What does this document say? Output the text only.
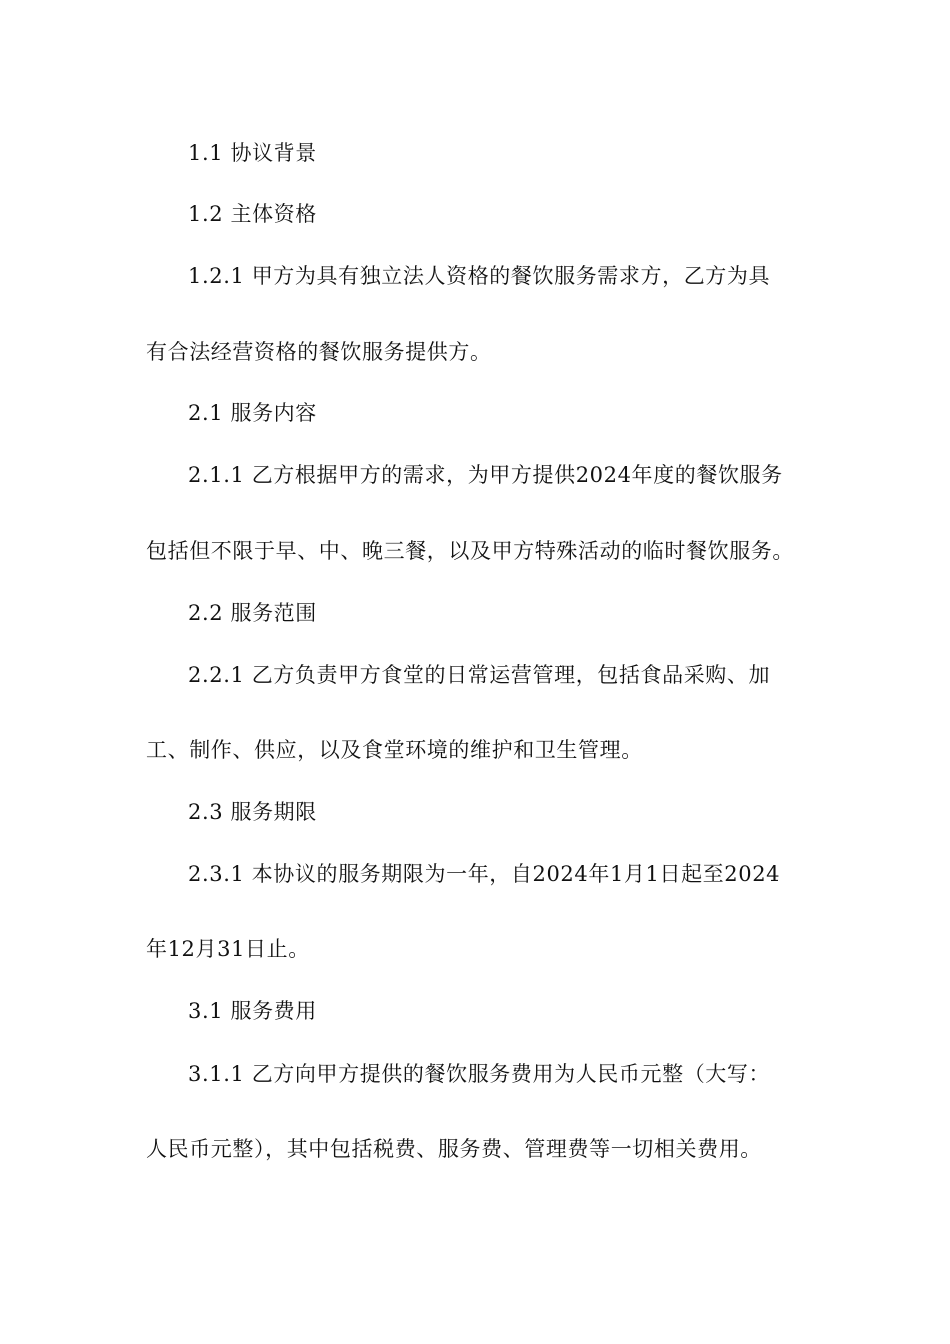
1.1 协议背景
1.2 主体资格
1.2.1 甲方为具有独立法人资格的餐饮服务需求方，乙方为具
有合法经营资格的餐饮服务提供方。
2.1 服务内容
2.1.1 乙方根据甲方的需求，为甲方提供2024年度的餐饮服务
包括但不限于早、中、晚三餐，以及甲方特殊活动的临时餐饮服务。
2.2 服务范围
2.2.1 乙方负责甲方食堂的日常运营管理，包括食品采购、加
工、制作、供应，以及食堂环境的维护和卫生管理。
2.3 服务期限
2.3.1 本协议的服务期限为一年，自2024年1月1日起至2024
年12月31日止。
3.1 服务费用
3.1.1 乙方向甲方提供的餐饮服务费用为人民币元整（大写：
人民币元整），其中包括税费、服务费、管理费等一切相关费用。
